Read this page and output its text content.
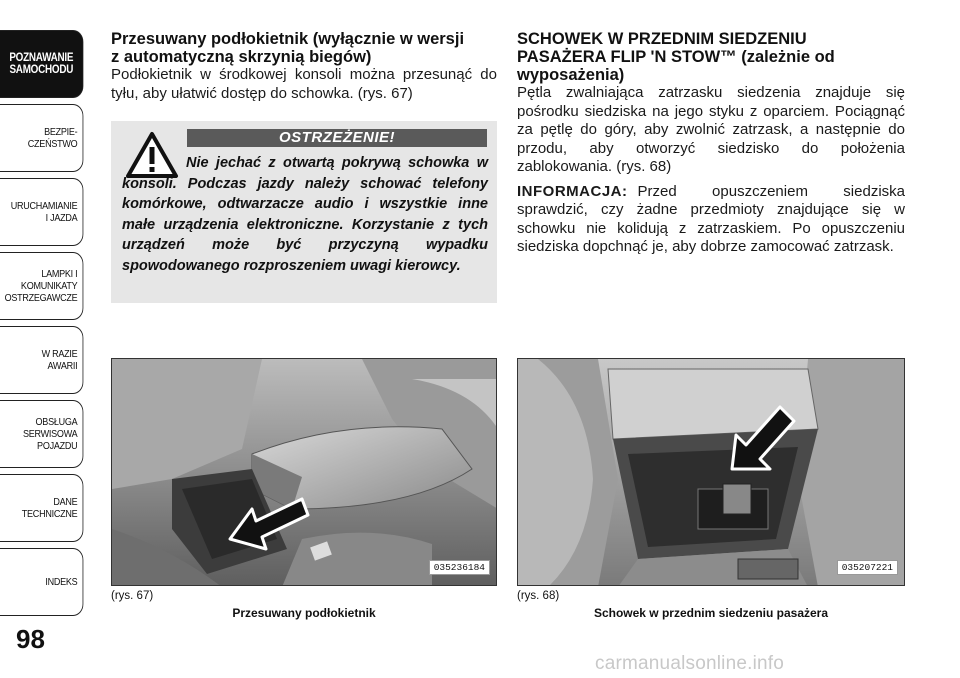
POZNAWANIE
SAMOCHODU
BEZPIE-
CZEŃSTWO
URUCHAMIANIE
I JAZDA
LAMPKI I
KOMUNIKATY
OSTRZEGAWCZE
W RAZIE
AWARII
OBSŁUGA
SERWISOWA
POJAZDU
DANE
TECHNICZNE
INDEKS
98
Przesuwany podłokietnik (wyłącznie w wersji
z automatyczną skrzynią biegów)
Podłokietnik w środkowej konsoli można przesunąć do tyłu, aby ułatwić dostęp do schowka. (rys. 67)
OSTRZEŻENIE!
Nie jechać z otwartą pokrywą schowka w konsoli. Podczas jazdy należy schować telefony komórkowe, odtwarzacze audio i wszystkie inne małe urządzenia elektroniczne. Korzystanie z tych urządzeń może być przyczyną wypadku spowodowanego rozproszeniem uwagi kierowcy.
SCHOWEK W PRZEDNIM SIEDZENIU
PASAŻERA FLIP 'N STOW™ (zależnie od
wyposażenia)
Pętla zwalniająca zatrzasku siedzenia znajduje się pośrodku siedziska na jego styku z oparciem. Pociągnąć za pętlę do góry, aby zwolnić zatrzask, a następnie do przodu, aby otworzyć siedzisko do położenia zablokowania. (rys. 68)
INFORMACJA: Przed opuszczeniem siedziska sprawdzić, czy żadne przedmioty znajdujące się w schowku nie kolidują z zatrzaskiem. Po opuszczeniu siedziska dopchnąć je, aby dobrze zamocować zatrzask.
035236184
(rys. 67)
Przesuwany podłokietnik
035207221
(rys. 68)
Schowek w przednim siedzeniu pasażera
carmanualsonline.info
